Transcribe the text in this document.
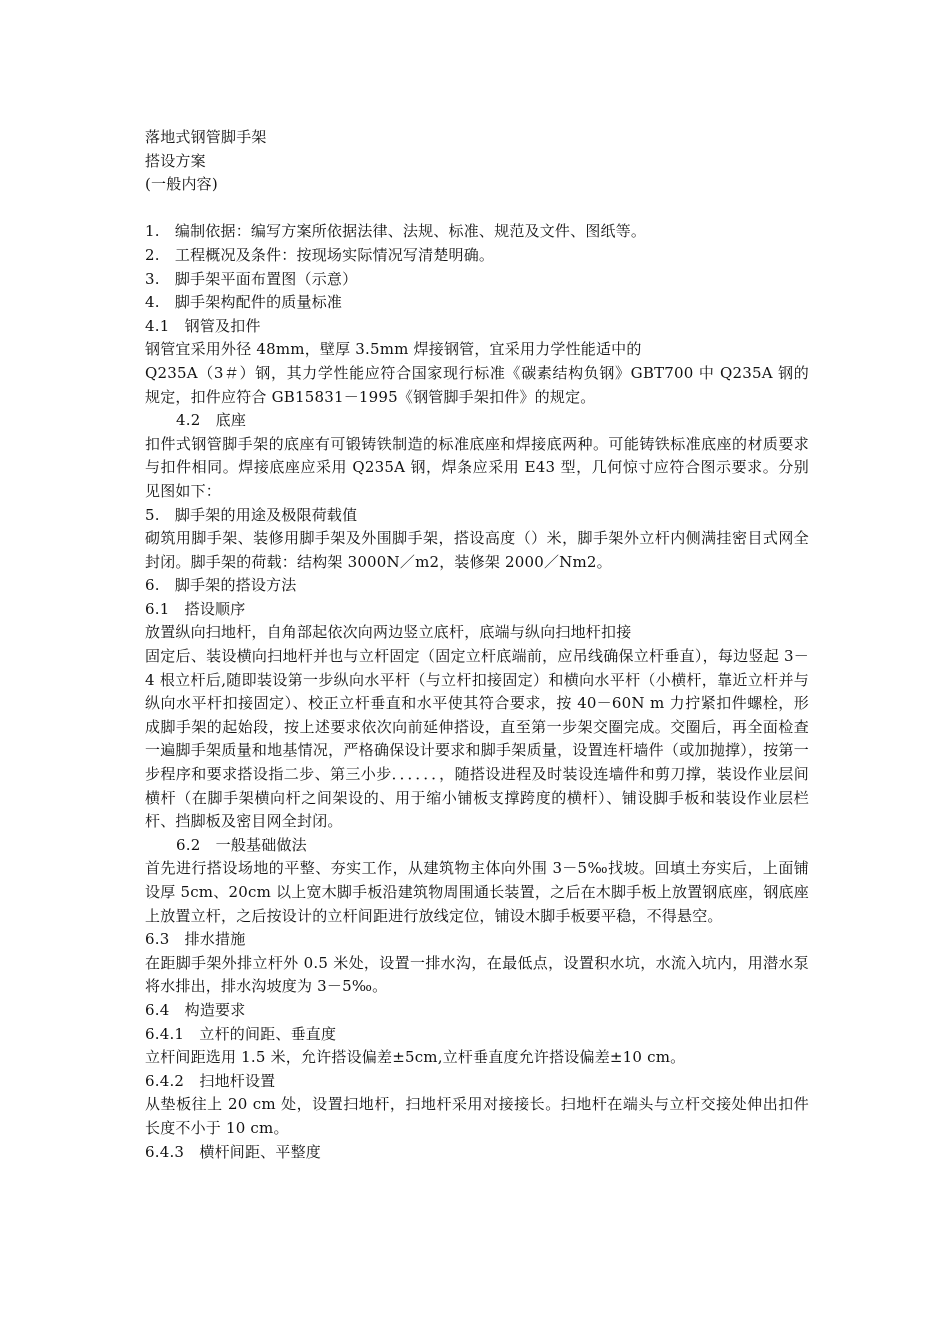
落地式钢管脚手架
搭设方案
(一般内容)
1.　编制依据：编写方案所依据法律、法规、标准、规范及文件、图纸等。
2.　工程概况及条件：按现场实际情况写清楚明确。
3.　脚手架平面布置图（示意）
4.　脚手架构配件的质量标准
4.1　钢管及扣件
钢管宜采用外径 48mm，壁厚 3.5mm 焊接钢管，宜采用力学性能适中的
Q235A（3＃）钢，其力学性能应符合国家现行标准《碳素结构负钢》GBT700 中 Q235A 钢的规定，扣件应符合 GB15831－1995《钢管脚手架扣件》的规定。
4.2　底座
扣件式钢管脚手架的底座有可锻铸铁制造的标准底座和焊接底两种。可能铸铁标准底座的材质要求与扣件相同。焊接底座应采用 Q235A 钢，焊条应采用 E43 型，几何惊寸应符合图示要求。分别见图如下：
5.　脚手架的用途及极限荷载值
砌筑用脚手架、装修用脚手架及外围脚手架，搭设高度（）米，脚手架外立杆内侧满挂密目式网全封闭。脚手架的荷载：结构架 3000N／m2，装修架 2000／Nm2。
6.　脚手架的搭设方法
6.1　搭设顺序
放置纵向扫地杆，自角部起依次向两边竖立底杆，底端与纵向扫地杆扣接
固定后、装设横向扫地杆并也与立杆固定（固定立杆底端前，应吊线确保立杆垂直），每边竖起 3－4 根立杆后,随即装设第一步纵向水平杆（与立杆扣接固定）和横向水平杆（小横杆，靠近立杆并与纵向水平杆扣接固定）、校正立杆垂直和水平使其符合要求，按 40－60N m 力拧紧扣件螺栓，形成脚手架的起始段，按上述要求依次向前延伸搭设，直至第一步架交圈完成。交圈后，再全面检查一遍脚手架质量和地基情况，严格确保设计要求和脚手架质量，设置连杆墙件（或加抛撑），按第一步程序和要求搭设指二步、第三小步．．．．．．，随搭设进程及时装设连墙件和剪刀撑，装设作业层间横杆（在脚手架横向杆之间架设的、用于缩小铺板支撑跨度的横杆）、铺设脚手板和装设作业层栏杆、挡脚板及密目网全封闭。
6.2　一般基础做法
首先进行搭设场地的平整、夯实工作，从建筑物主体向外围 3－5‰找坡。回填土夯实后，上面铺设厚 5cm、20cm 以上宽木脚手板沿建筑物周围通长装置，之后在木脚手板上放置钢底座，钢底座上放置立杆，之后按设计的立杆间距进行放线定位，铺设木脚手板要平稳，不得悬空。
6.3　排水措施
在距脚手架外排立杆外 0.5 米处，设置一排水沟，在最低点，设置积水坑，水流入坑内，用潜水泵将水排出，排水沟坡度为 3－5‰。
6.4　构造要求
6.4.1　立杆的间距、垂直度
立杆间距选用 1.5 米，允许搭设偏差±5cm,立杆垂直度允许搭设偏差±10 cm。
6.4.2　扫地杆设置
从垫板往上 20 cm 处，设置扫地杆，扫地杆采用对接接长。扫地杆在端头与立杆交接处伸出扣件长度不小于 10 cm。
6.4.3　横杆间距、平整度
